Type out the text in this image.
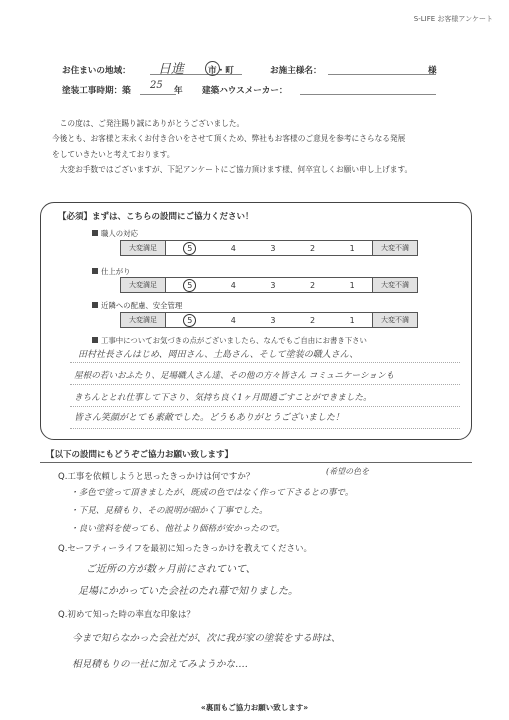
S-LIFE お客様アンケート
お住まいの地域： 日進	市・町	お施主様名：	様
塗装工事時期：築 25 年 建築ハウスメーカー：

この度は、ご発注賜り誠にありがとうございました。

今後とも、お客様と末永くお付き合いをさせて頂くため、弊社もお客様のご意見を参考にさらなる発展

をしていきたいと考えております。

大変お手数ではございますが、下記アンケートにご協力頂けます様、何卒宜しくお願い申し上げます。

【必須】まずは、こちらの設問にご協力ください！
職人の対応
大変満足	5	4	3	2	1	大変不満
仕上がり
大変満足	5	4	3	2	1	大変不満
近隣への配慮、安全管理
大変満足	5	4	3	2	1	大変不満
工事中についてお気づきの点がございましたら、なんでもご自由にお書き下さい
田村社長さんはじめ、岡田さん、土島さん、そして塗装の職人さん、
屋根の若いおふたり、足場職人さん達、その他の方々皆さん コミュニケーションも
きちんととれ仕事して下さり、気持ち良く1ヶ月間過ごすことができました。
皆さん笑顔がとても素敵でした。どうもありがとうございました！
【以下の設問にもどうぞご協力お願い致します】
Q.工事を依頼しようと思ったきっかけは何ですか？
(希望の色を
・多色で塗って頂きましたが、既成の色ではなく作って下さるとの事で。
・下見、見積もり、その説明が細かく丁寧でした。
・良い塗料を使っても、他社より価格が安かったので。
Q.セーフティーライフを最初に知ったきっかけを教えてください。
ご近所の方が数ヶ月前にされていて、
足場にかかっていた会社のたれ幕で知りました。
Q.初めて知った時の率直な印象は？
今まで知らなかった会社だが、次に我が家の塗装をする時は、
相見積もりの一社に加えてみようかな‥‥
«裏面もご協力お願い致します»
